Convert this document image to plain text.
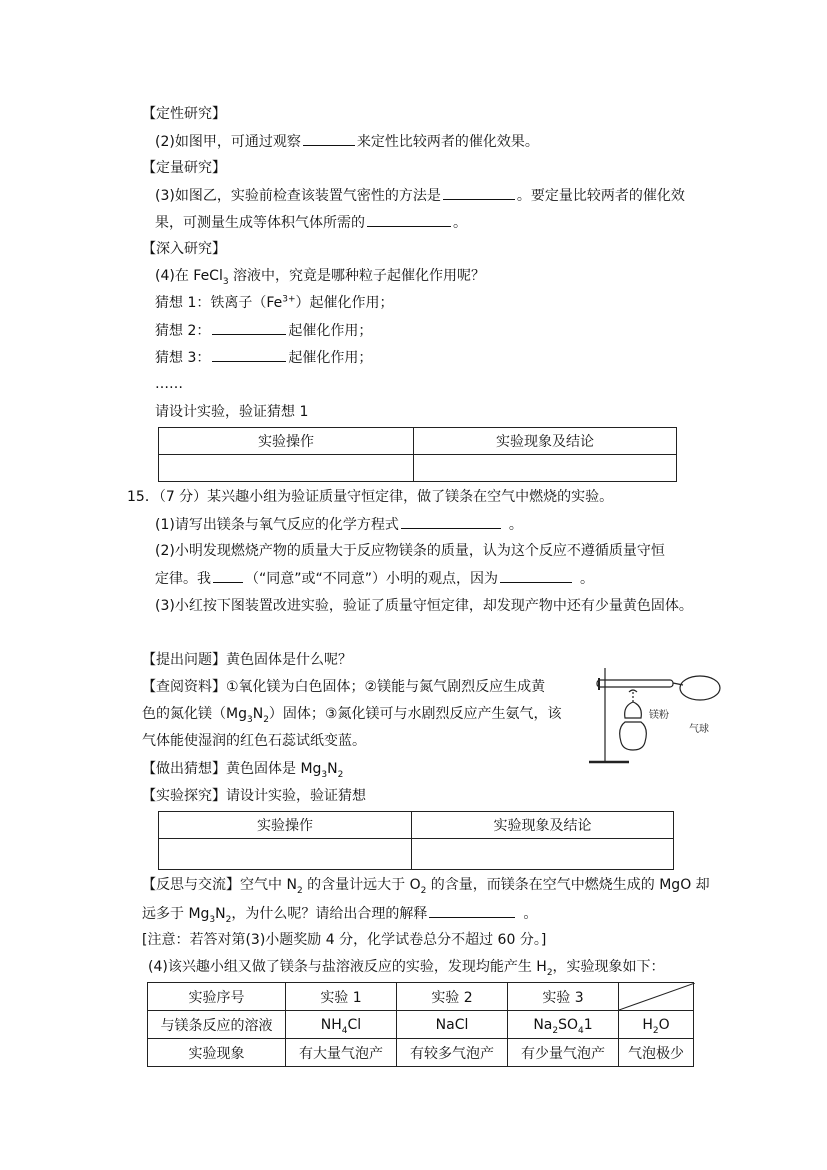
【定性研究】
(2)如图甲，可通过观察	来定性比较两者的催化效果。
【定量研究】
(3)如图乙，实验前检查该装置气密性的方法是	。要定量比较两者的催化效
果，可测量生成等体积气体所需的	。
【深入研究】
(4)在 FeCl$_3$ 溶液中，究竟是哪种粒子起催化作用呢？
猜想 1：铁离子$(Fe^{3+})$起催化作用；
猜想 2：	起催化作用；
猜想 3：	起催化作用；
……
请设计实验，验证猜想 1
实验操作	实验现象及结论

15．（7 分）某兴趣小组为验证质量守恒定律，做了镁条在空气中燃烧的实验。
(1)请写出镁条与氧气反应的化学方程式	。
(2)小明发现燃烧产物的质量大于反应物镁条的质量，认为这个反应不遵循质量守恒
定律。我 （“同意”或“不同意”）小明的观点，因为	。
(3)小红按下图装置改进实验，验证了质量守恒定律，却发现产物中还有少量黄色固体。
【提出问题】黄色固体是什么呢？
【查阅资料】①氧化镁为白色固体；②镁能与氮气剧烈反应生成黄
色的氮化镁$(Mg_3N_2)$固体；③氮化镁可与水剧烈反应产生氨气，该
气体能使湿润的红色石蕊试纸变蓝。
【做出猜想】黄色固体是 $Mg_3N_2$
【实验探究】请设计实验，验证猜想
镁粉
气球
实验操作	实验现象及结论

【反思与交流】空气中 $N_2$ 的含量计远大于 $O_2$ 的含量，而镁条在空气中燃烧生成的 MgO 却
远多于 $Mg_3N_2$，为什么呢？请给出合理的解释	。
[注意：若答对第(3)小题奖励 4 分，化学试卷总分不超过 60 分。]
(4)该兴趣小组又做了镁条与盐溶液反应的实验，发现均能产生 $H_2$，实验现象如下：
实验序号	实验 1	实验 2	实验 3	

与镁条反应的溶液	$NH_4Cl$	NaCl	$Na_2SO_41$	$H_2O$
实验现象	有大量气泡产	有较多气泡产	有少量气泡产	气泡极少
